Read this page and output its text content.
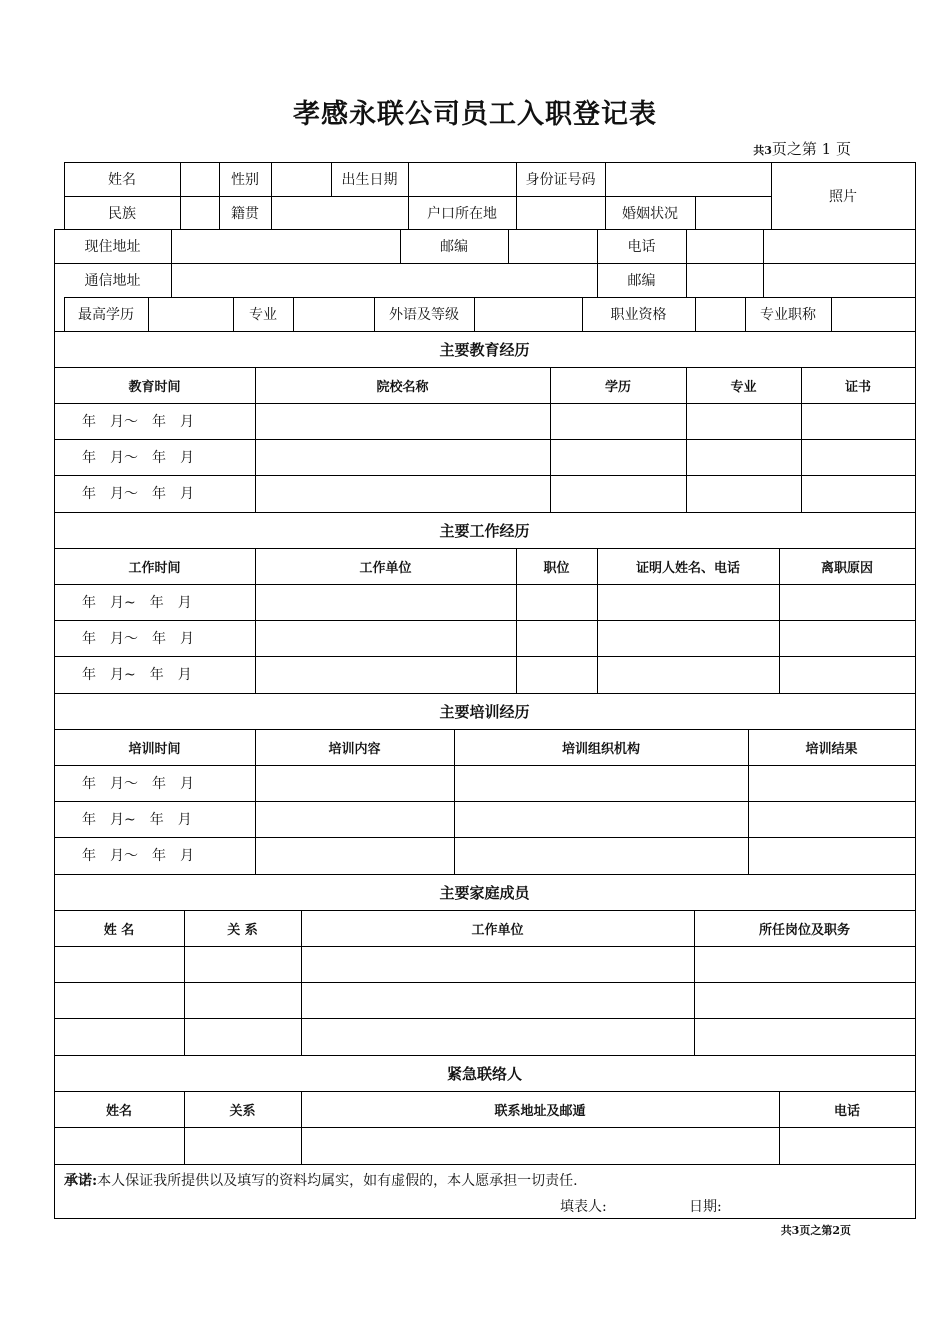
孝感永联公司员工入职登记表
共3页之第 1 页
姓名	性别	出生日期	身份证号码
照片
民族	籍贯	户口所在地	婚姻状况
现住地址	邮编	电话
通信地址	邮编
最高学历	专业	外语及等级	职业资格	专业职称
主要教育经历
教育时间	院校名称	学历	专业	证书
年　月～　年　月
年　月～　年　月
年　月～　年　月
主要工作经历
工作时间	工作单位	职位	证明人姓名、电话	离职原因
年　月~　年　月
年　月～　年　月
年　月~　年　月
主要培训经历
培训时间	培训内容	培训组织机构	培训结果
年　月～　年　月
年　月~　年　月
年　月～　年　月
主要家庭成员
姓 名	关 系	工作单位	所任岗位及职务
紧急联络人
姓名	关系	联系地址及邮遁	电话
承诺:本人保证我所提供以及填写的资料均属实，如有虚假的，本人愿承担一切责任.
填表人:	日期:
共3页之第2页
